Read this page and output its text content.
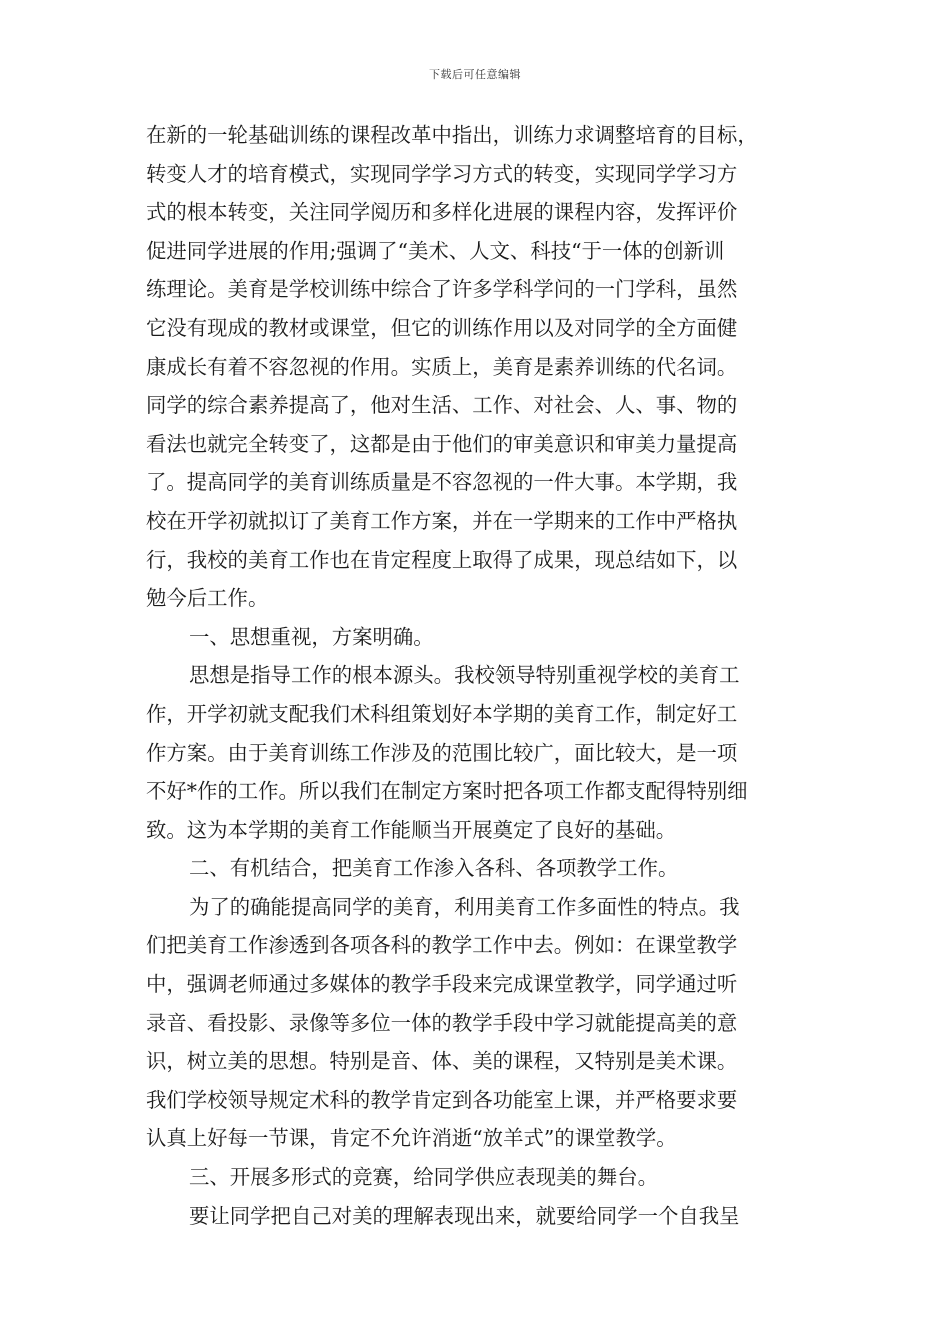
下载后可任意编辑
在新的一轮基础训练的课程改革中指出，训练力求调整培育的目标，
转变人才的培育模式，实现同学学习方式的转变，实现同学学习方
式的根本转变，关注同学阅历和多样化进展的课程内容，发挥评价
促进同学进展的作用;强调了“美术、人文、科技“于一体的创新训
练理论。美育是学校训练中综合了许多学科学问的一门学科，虽然
它没有现成的教材或课堂，但它的训练作用以及对同学的全方面健
康成长有着不容忽视的作用。实质上，美育是素养训练的代名词。
同学的综合素养提高了，他对生活、工作、对社会、人、事、物的
看法也就完全转变了，这都是由于他们的审美意识和审美力量提高
了。提高同学的美育训练质量是不容忽视的一件大事。本学期，我
校在开学初就拟订了美育工作方案，并在一学期来的工作中严格执
行，我校的美育工作也在肯定程度上取得了成果，现总结如下，以
勉今后工作。
一、思想重视，方案明确。
思想是指导工作的根本源头。我校领导特别重视学校的美育工
作，开学初就支配我们术科组策划好本学期的美育工作，制定好工
作方案。由于美育训练工作涉及的范围比较广，面比较大，是一项
不好*作的工作。所以我们在制定方案时把各项工作都支配得特别细
致。这为本学期的美育工作能顺当开展奠定了良好的基础。
二、有机结合，把美育工作渗入各科、各项教学工作。
为了的确能提高同学的美育，利用美育工作多面性的特点。我
们把美育工作渗透到各项各科的教学工作中去。例如：在课堂教学
中，强调老师通过多媒体的教学手段来完成课堂教学，同学通过听
录音、看投影、录像等多位一体的教学手段中学习就能提高美的意
识，树立美的思想。特别是音、体、美的课程，又特别是美术课。
我们学校领导规定术科的教学肯定到各功能室上课，并严格要求要
认真上好每一节课，肯定不允许消逝“放羊式”的课堂教学。
三、开展多形式的竞赛，给同学供应表现美的舞台。
要让同学把自己对美的理解表现出来，就要给同学一个自我呈
